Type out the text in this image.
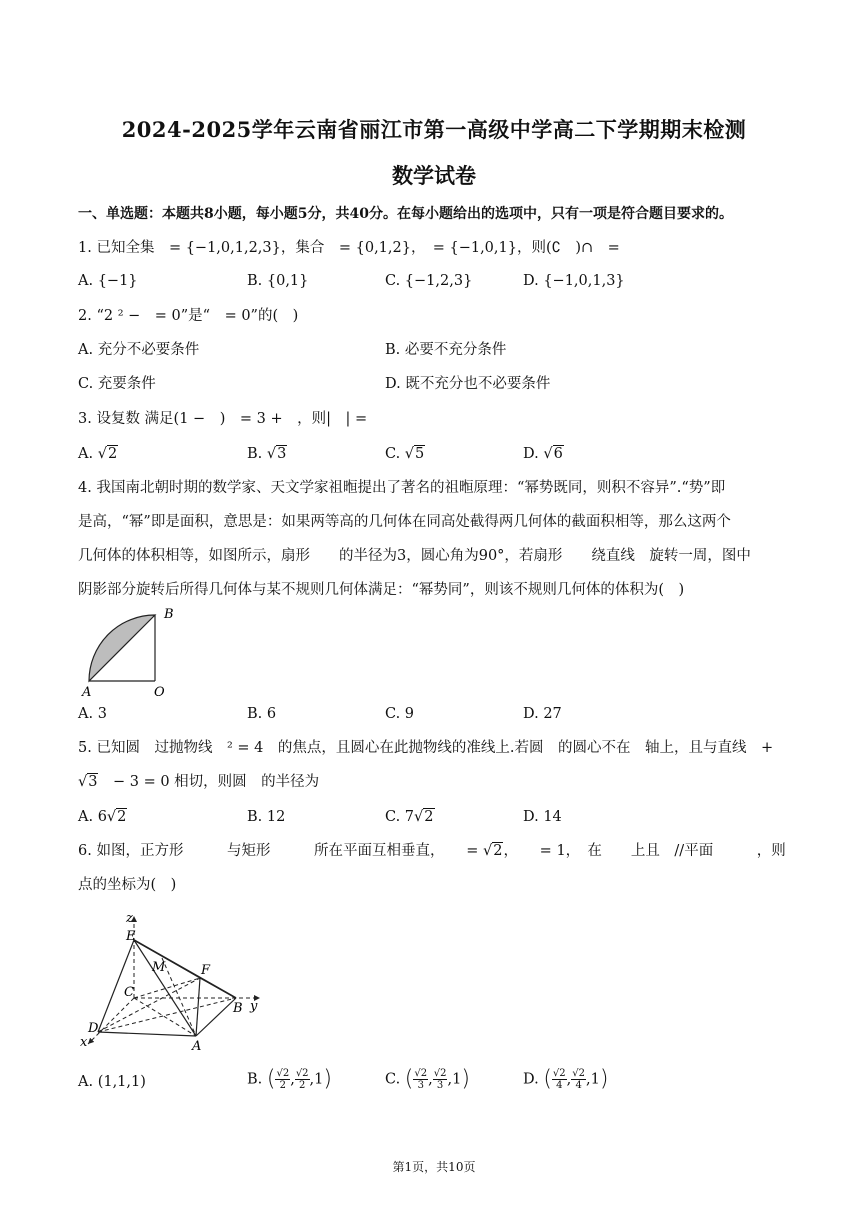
2024-2025学年云南省丽江市第一高级中学高二下学期期末检测
数学试卷
一、单选题：本题共8小题，每小题5分，共40分。在每小题给出的选项中，只有一项是符合题目要求的。
1. 已知全集　= {−1,0,1,2,3}，集合　= {0,1,2}，　= {−1,0,1}，则(∁　)∩　=
A. {−1}	B. {0,1}	C. {−1,2,3}	D. {−1,0,1,3}
2. “2 ² −　= 0”是“　= 0”的(　)
A. 充分不必要条件	B. 必要不充分条件
C. 充要条件	D. 既不充分也不必要条件
3. 设复数 满足(1 −　)　= 3 +　，则|　| =
A. √2	B. √3	C. √5	D. √6
4. 我国南北朝时期的数学家、天文学家祖暅提出了著名的祖暅原理：“幂势既同，则积不容异”.“势”即
是高，“幂”即是面积，意思是：如果两等高的几何体在同高处截得两几何体的截面积相等，那么这两个
几何体的体积相等，如图所示，扇形　　的半径为3，圆心角为90°，若扇形　　绕直线　旋转一周，图中
阴影部分旋转后所得几何体与某不规则几何体满足：“幂势同”，则该不规则几何体的体积为(　)
A
B
O
A. 3	B. 6	C. 9	D. 27
5. 已知圆　过抛物线　² = 4　的焦点，且圆心在此抛物线的准线上.若圆　的圆心不在　轴上，且与直线　+
√3　− 3 = 0 相切，则圆　的半径为
A. 6√2	B. 12	C. 7√2	D. 14
6. 如图，正方形　　　与矩形　　　所在平面互相垂直，　　= √2，　　= 1，　在　　上且　//平面　　　，则
点的坐标为(　)
z
E
M	F
C
B y
D
x	A
A. (1,1,1)	B. ( $\frac{√2}{2}$ , $\frac{√2}{2} ,1$)	C. ( $\frac{√2}{3}$ , $\frac{√2}{3} ,1$)	D. ( $\frac{√2}{4}$ , $\frac{√2}{4} ,1$)
第1页，共10页
